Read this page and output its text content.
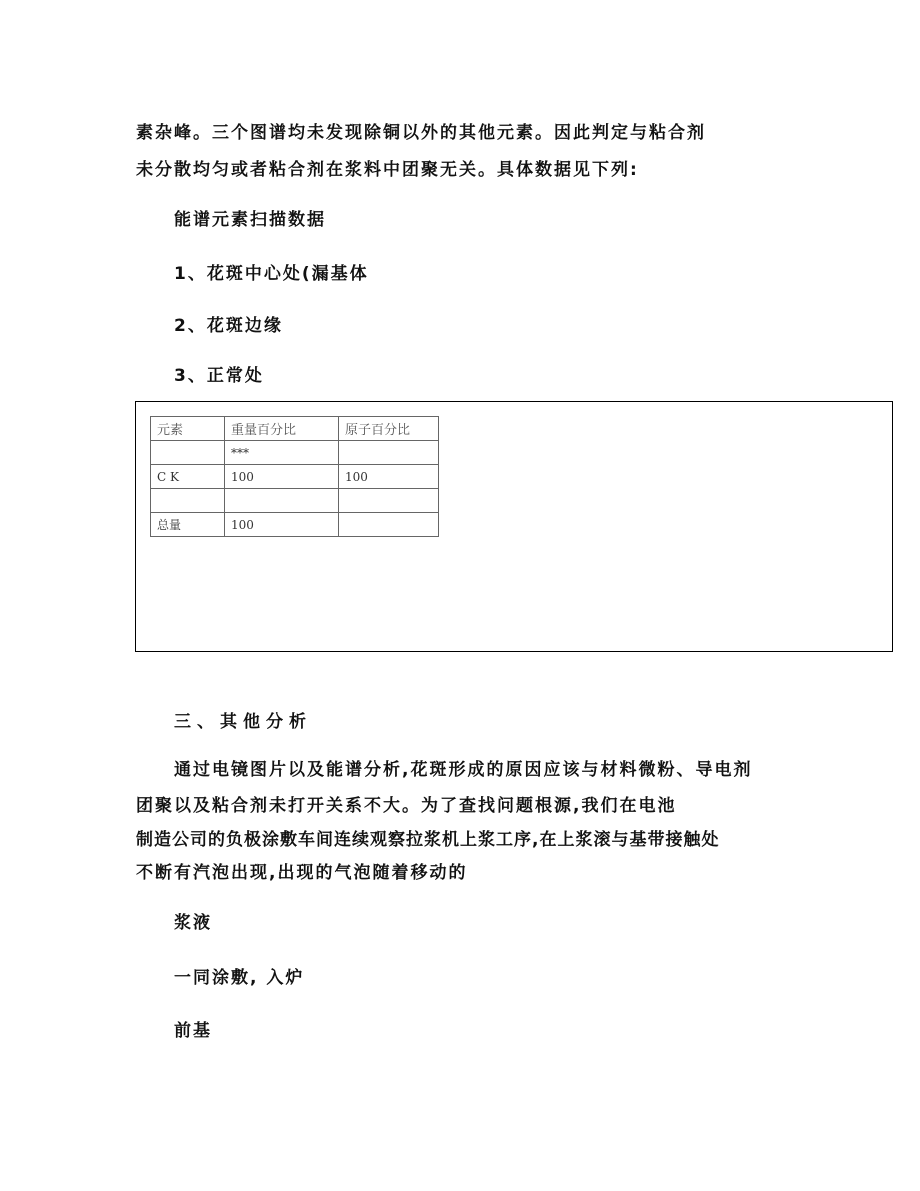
素杂峰。三个图谱均未发现除铜以外的其他元素。因此判定与粘合剂
未分散均匀或者粘合剂在浆料中团聚无关。具体数据见下列:
能谱元素扫描数据
1、花斑中心处(漏基体
2、花斑边缘
3、正常处
元素	重量百分比	原子百分比
	***	
C K	100	100

总量	100	
三、其他分析
通过电镜图片以及能谱分析,花斑形成的原因应该与材料微粉、导电剂
团聚以及粘合剂未打开关系不大。为了查找问题根源,我们在电池
制造公司的负极涂敷车间连续观察拉浆机上浆工序,在上浆滚与基带接触处
不断有汽泡出现,出现的气泡随着移动的
浆液
一同涂敷, 入炉
前基
